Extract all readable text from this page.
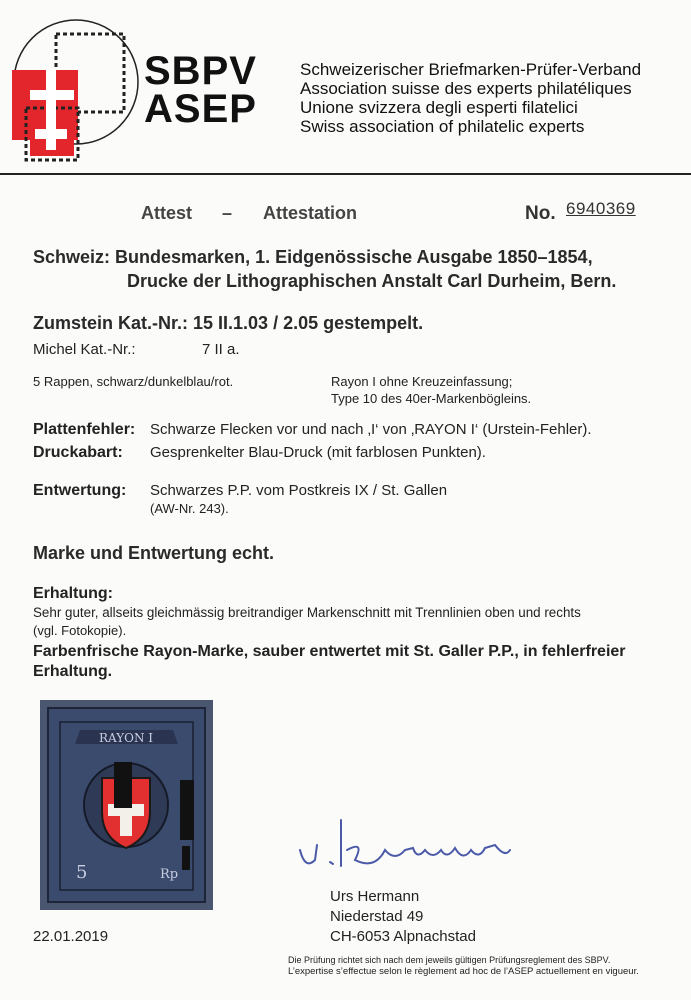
SBPV
ASEP
Schweizerischer Briefmarken-Prüfer-Verband
Association suisse des experts philatéliques
Unione svizzera degli esperti filatelici
Swiss association of philatelic experts
Attest – Attestation	No. 6940369
Schweiz: Bundesmarken, 1. Eidgenössische Ausgabe 1850–1854,
Drucke der Lithographischen Anstalt Carl Durheim, Bern.
Zumstein Kat.-Nr.: 15 II.1.03 / 2.05 gestempelt.
Michel Kat.-Nr.:	7 II a.
5 Rappen, schwarz/dunkelblau/rot.	Rayon I ohne Kreuzeinfassung;
Type 10 des 40er-Markenbögleins.
Plattenfehler: Schwarze Flecken vor und nach ‚I‘ von ‚RAYON I‘ (Urstein-Fehler).
Druckabart: Gesprenkelter Blau-Druck (mit farblosen Punkten).
Entwertung: Schwarzes P.P. vom Postkreis IX / St. Gallen
(AW-Nr. 243).
Marke und Entwertung echt.
Erhaltung:
Sehr guter, allseits gleichmässig breitrandiger Markenschnitt mit Trennlinien oben und rechts
(vgl. Fotokopie).
Farbenfrische Rayon-Marke, sauber entwertet mit St. Galler P.P., in fehlerfreier
Erhaltung.
RAYON I
5	Rp
Urs Hermann
Niederstad 49
CH-6053 Alpnachstad
22.01.2019
Die Prüfung richtet sich nach dem jeweils gültigen Prüfungsreglement des SBPV.
L’expertise s’effectue selon le règlement ad hoc de l’ASEP actuellement en vigueur.
